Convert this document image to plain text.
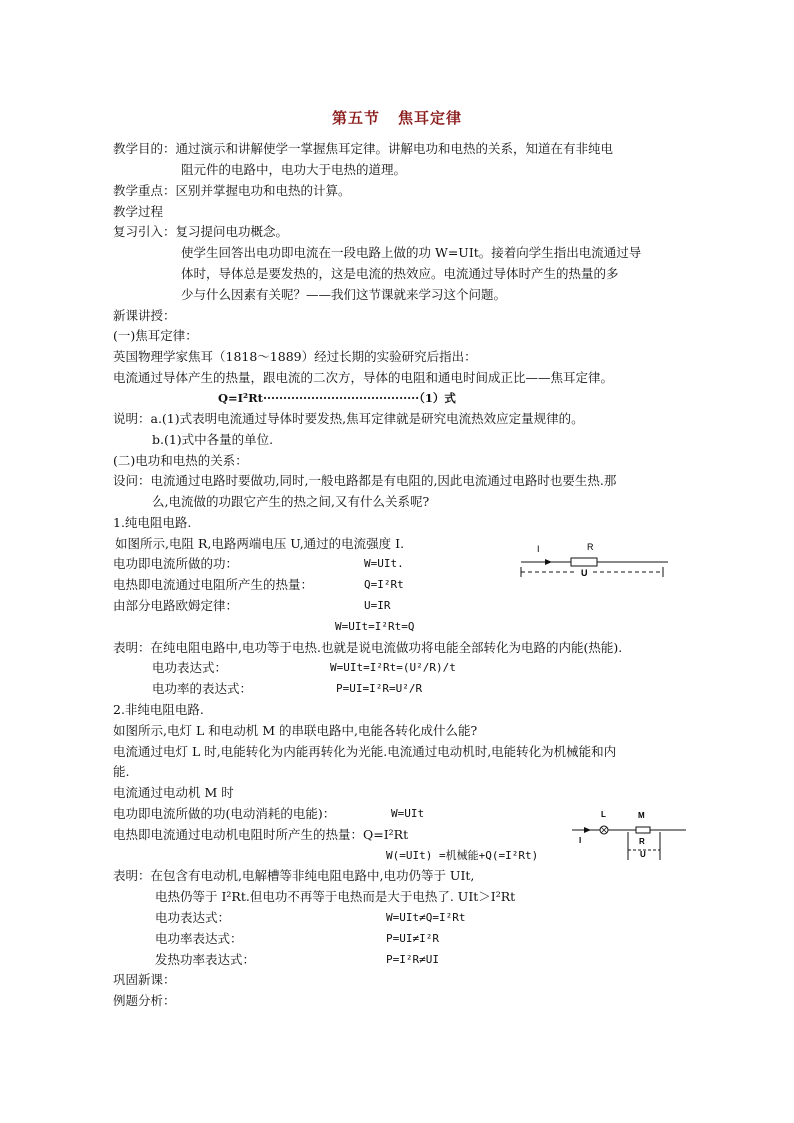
第五节 焦耳定律
教学目的：通过演示和讲解使学一掌握焦耳定律。讲解电功和电热的关系，知道在有非纯电
阻元件的电路中，电功大于电热的道理。
教学重点：区别并掌握电功和电热的计算。
教学过程
复习引入：复习提问电功概念。
使学生回答出电功即电流在一段电路上做的功 W=UIt。接着向学生指出电流通过导
体时，导体总是要发热的，这是电流的热效应。电流通过导体时产生的热量的多
少与什么因素有关呢？——我们这节课就来学习这个问题。
新课讲授：
(一)焦耳定律：
英国物理学家焦耳（1818～1889）经过长期的实验研究后指出：
电流通过导体产生的热量，跟电流的二次方，导体的电阻和通电时间成正比——焦耳定律。
Q=I²Rt·······································（1）式
说明：a.(1)式表明电流通过导体时要发热,焦耳定律就是研究电流热效应定量规律的。
b.(1)式中各量的单位.
(二)电功和电热的关系：
设问：电流通过电路时要做功,同时,一般电路都是有电阻的,因此电流通过电路时也要生热.那
么,电流做的功跟它产生的热之间,又有什么关系呢?
1.纯电阻电路.
如图所示,电阻 R,电路两端电压 U,通过的电流强度 I.
电功即电流所做的功：	W=UIt.
电热即电流通过电阻所产生的热量：	Q=I²Rt
由部分电路欧姆定律：	U=IR
W=UIt=I²Rt=Q
表明：在纯电阻电路中,电功等于电热.也就是说电流做功将电能全部转化为电路的内能(热能).
电功表达式：	W=UIt=I²Rt=(U²/R)/t
电功率的表达式：	P=UI=I²R=U²/R
2.非纯电阻电路.
如图所示,电灯 L 和电动机 M 的串联电路中,电能各转化成什么能?
电流通过电灯 L 时,电能转化为内能再转化为光能.电流通过电动机时,电能转化为机械能和内
能.
电流通过电动机 M 时
电功即电流所做的功(电动消耗的电能)：	W=UIt
电热即电流通过电动机电阻时所产生的热量：Q=I²Rt
W(=UIt) =机械能+Q(=I²Rt)
表明：在包含有电动机,电解槽等非纯电阻电路中,电功仍等于 UIt,
电热仍等于 I²Rt.但电功不再等于电热而是大于电热了. UIt＞I²Rt
电功表达式：	W=UIt≠Q=I²Rt
电功率表达式：	P=UI≠I²R
发热功率表达式：	P=I²R≠UI
巩固新课：
例题分析：
I	R
U
L	M
I	R
U
